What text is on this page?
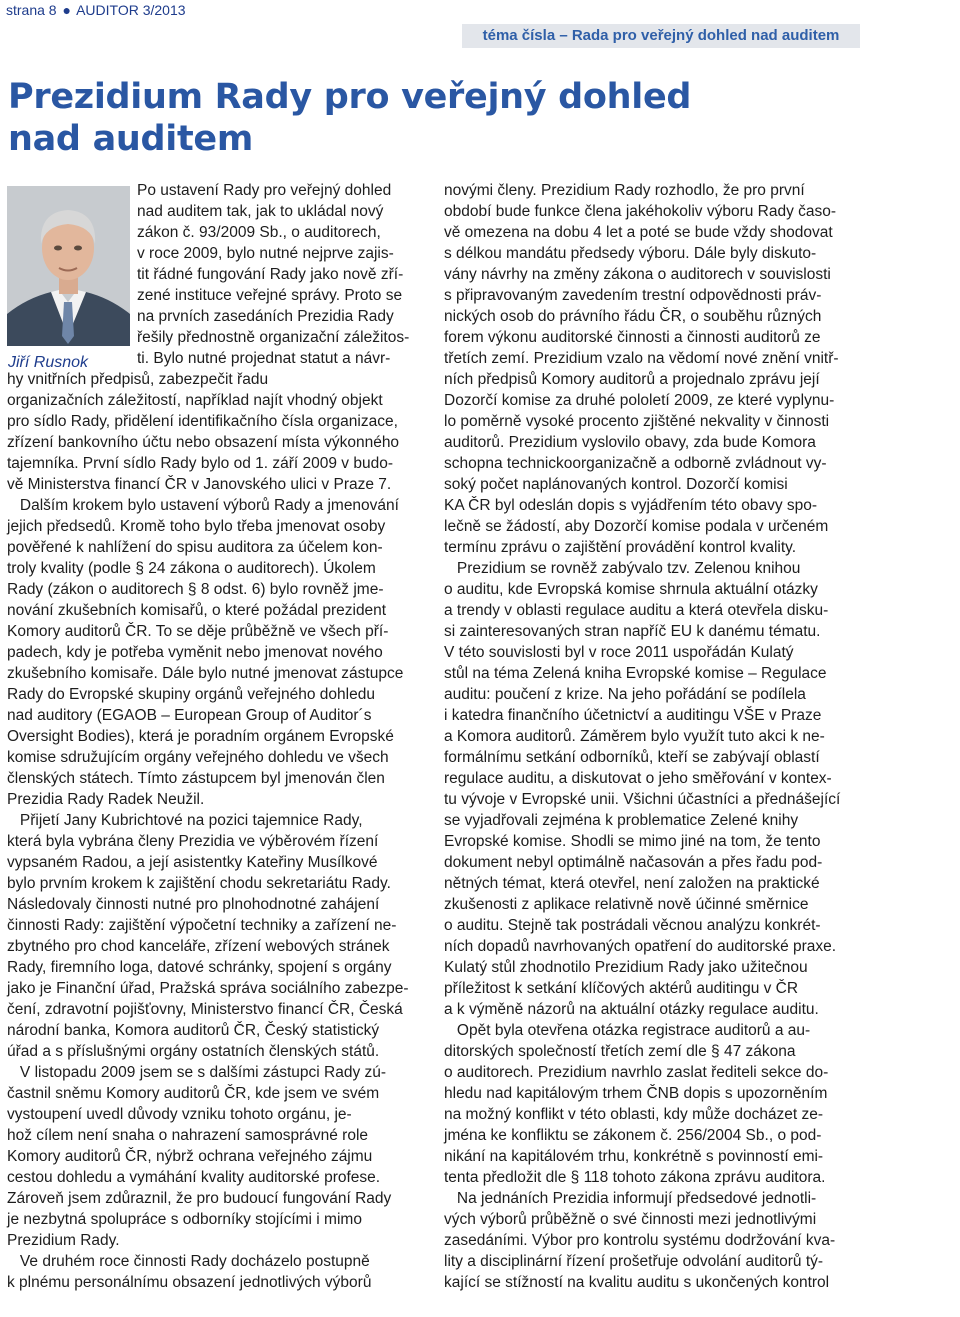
strana 8 ● AUDITOR 3/2013
téma čísla – Rada pro veřejný dohled nad auditem
Prezidium Rady pro veřejný dohled
nad auditem
Jiří Rusnok
Po ustavení Rady pro veřejný dohled
nad auditem tak, jak to ukládal nový
zákon č. 93/2009 Sb., o auditorech,
v roce 2009, bylo nutné nejprve zajis-
tit řádné fungování Rady jako nově zří-
zené instituce veřejné správy. Proto se
na prvních zasedáních Prezidia Rady
řešily přednostně organizační záležitos-
ti. Bylo nutné projednat statut a návr-
hy vnitřních předpisů, zabezpečit řadu
organizačních záležitostí, například najít vhodný objekt
pro sídlo Rady, přidělení identifikačního čísla organizace,
zřízení bankovního účtu nebo obsazení místa výkonného
tajemníka. První sídlo Rady bylo od 1. září 2009 v budo-
vě Ministerstva financí ČR v Janovského ulici v Praze 7.
Dalším krokem bylo ustavení výborů Rady a jmenování
jejich předsedů. Kromě toho bylo třeba jmenovat osoby
pověřené k nahlížení do spisu auditora za účelem kon-
troly kvality (podle § 24 zákona o auditorech). Úkolem
Rady (zákon o auditorech § 8 odst. 6) bylo rovněž jme-
nování zkušebních komisařů, o které požádal prezident
Komory auditorů ČR. To se děje průběžně ve všech pří-
padech, kdy je potřeba vyměnit nebo jmenovat nového
zkušebního komisaře. Dále bylo nutné jmenovat zástupce
Rady do Evropské skupiny orgánů veřejného dohledu
nad auditory (EGAOB – European Group of Auditor´s
Oversight Bodies), která je poradním orgánem Evropské
komise sdružujícím orgány veřejného dohledu ve všech
členských státech. Tímto zástupcem byl jmenován člen
Prezidia Rady Radek Neužil.
Přijetí Jany Kubrichtové na pozici tajemnice Rady,
která byla vybrána členy Prezidia ve výběrovém řízení
vypsaném Radou, a její asistentky Kateřiny Musílkové
bylo prvním krokem k zajištění chodu sekretariátu Rady.
Následovaly činnosti nutné pro plnohodnotné zahájení
činnosti Rady: zajištění výpočetní techniky a zařízení ne-
zbytného pro chod kanceláře, zřízení webových stránek
Rady, firemního loga, datové schránky, spojení s orgány
jako je Finanční úřad, Pražská správa sociálního zabezpe-
čení, zdravotní pojišťovny, Ministerstvo financí ČR, Česká
národní banka, Komora auditorů ČR, Český statistický
úřad a s příslušnými orgány ostatních členských států.
V listopadu 2009 jsem se s dalšími zástupci Rady zú-
častnil sněmu Komory auditorů ČR, kde jsem ve svém
vystoupení uvedl důvody vzniku tohoto orgánu, je-
hož cílem není snaha o nahrazení samosprávné role
Komory auditorů ČR, nýbrž ochrana veřejného zájmu
cestou dohledu a vymáhání kvality auditorské profese.
Zároveň jsem zdůraznil, že pro budoucí fungování Rady
je nezbytná spolupráce s odborníky stojícími i mimo
Prezidium Rady.
Ve druhém roce činnosti Rady docházelo postupně
k plnému personálnímu obsazení jednotlivých výborů
novými členy. Prezidium Rady rozhodlo, že pro první
období bude funkce člena jakéhokoliv výboru Rady časo-
vě omezena na dobu 4 let a poté se bude vždy shodovat
s délkou mandátu předsedy výboru. Dále byly diskuto-
vány návrhy na změny zákona o auditorech v souvislosti
s připravovaným zavedením trestní odpovědnosti práv-
nických osob do právního řádu ČR, o souběhu různých
forem výkonu auditorské činnosti a činnosti auditorů ze
třetích zemí. Prezidium vzalo na vědomí nové znění vnitř-
ních předpisů Komory auditorů a projednalo zprávu její
Dozorčí komise za druhé pololetí 2009, ze které vyplynu-
lo poměrně vysoké procento zjištěné nekvality v činnosti
auditorů. Prezidium vyslovilo obavy, zda bude Komora
schopna technickoorganizačně a odborně zvládnout vy-
soký počet naplánovaných kontrol. Dozorčí komisi
KA ČR byl odeslán dopis s vyjádřením této obavy spo-
lečně se žádostí, aby Dozorčí komise podala v určeném
termínu zprávu o zajištění provádění kontrol kvality.
Prezidium se rovněž zabývalo tzv. Zelenou knihou
o auditu, kde Evropská komise shrnula aktuální otázky
a trendy v oblasti regulace auditu a která otevřela disku-
si zainteresovaných stran napříč EU k danému tématu.
V této souvislosti byl v roce 2011 uspořádán Kulatý
stůl na téma Zelená kniha Evropské komise – Regulace
auditu: poučení z krize. Na jeho pořádání se podílela
i katedra finančního účetnictví a auditingu VŠE v Praze
a Komora auditorů. Záměrem bylo využít tuto akci k ne-
formálnímu setkání odborníků, kteří se zabývají oblastí
regulace auditu, a diskutovat o jeho směřování v kontex-
tu vývoje v Evropské unii. Všichni účastníci a přednášející
se vyjadřovali zejména k problematice Zelené knihy
Evropské komise. Shodli se mimo jiné na tom, že tento
dokument nebyl optimálně načasován a přes řadu pod-
nětných témat, která otevřel, není založen na praktické
zkušenosti z aplikace relativně nově účinné směrnice
o auditu. Stejně tak postrádali věcnou analýzu konkrét-
ních dopadů navrhovaných opatření do auditorské praxe.
Kulatý stůl zhodnotilo Prezidium Rady jako užitečnou
příležitost k setkání klíčových aktérů auditingu v ČR
a k výměně názorů na aktuální otázky regulace auditu.
Opět byla otevřena otázka registrace auditorů a au-
ditorských společností třetích zemí dle § 47 zákona
o auditorech. Prezidium navrhlo zaslat řediteli sekce do-
hledu nad kapitálovým trhem ČNB dopis s upozorněním
na možný konflikt v této oblasti, kdy může docházet ze-
jména ke konfliktu se zákonem č. 256/2004 Sb., o pod-
nikání na kapitálovém trhu, konkrétně s povinností emi-
tenta předložit dle § 118 tohoto zákona zprávu auditora.
Na jednáních Prezidia informují předsedové jednotli-
vých výborů průběžně o své činnosti mezi jednotlivými
zasedáními. Výbor pro kontrolu systému dodržování kva-
lity a disciplinární řízení prošetřuje odvolání auditorů tý-
kající se stížností na kvalitu auditu s ukončených kontrol
